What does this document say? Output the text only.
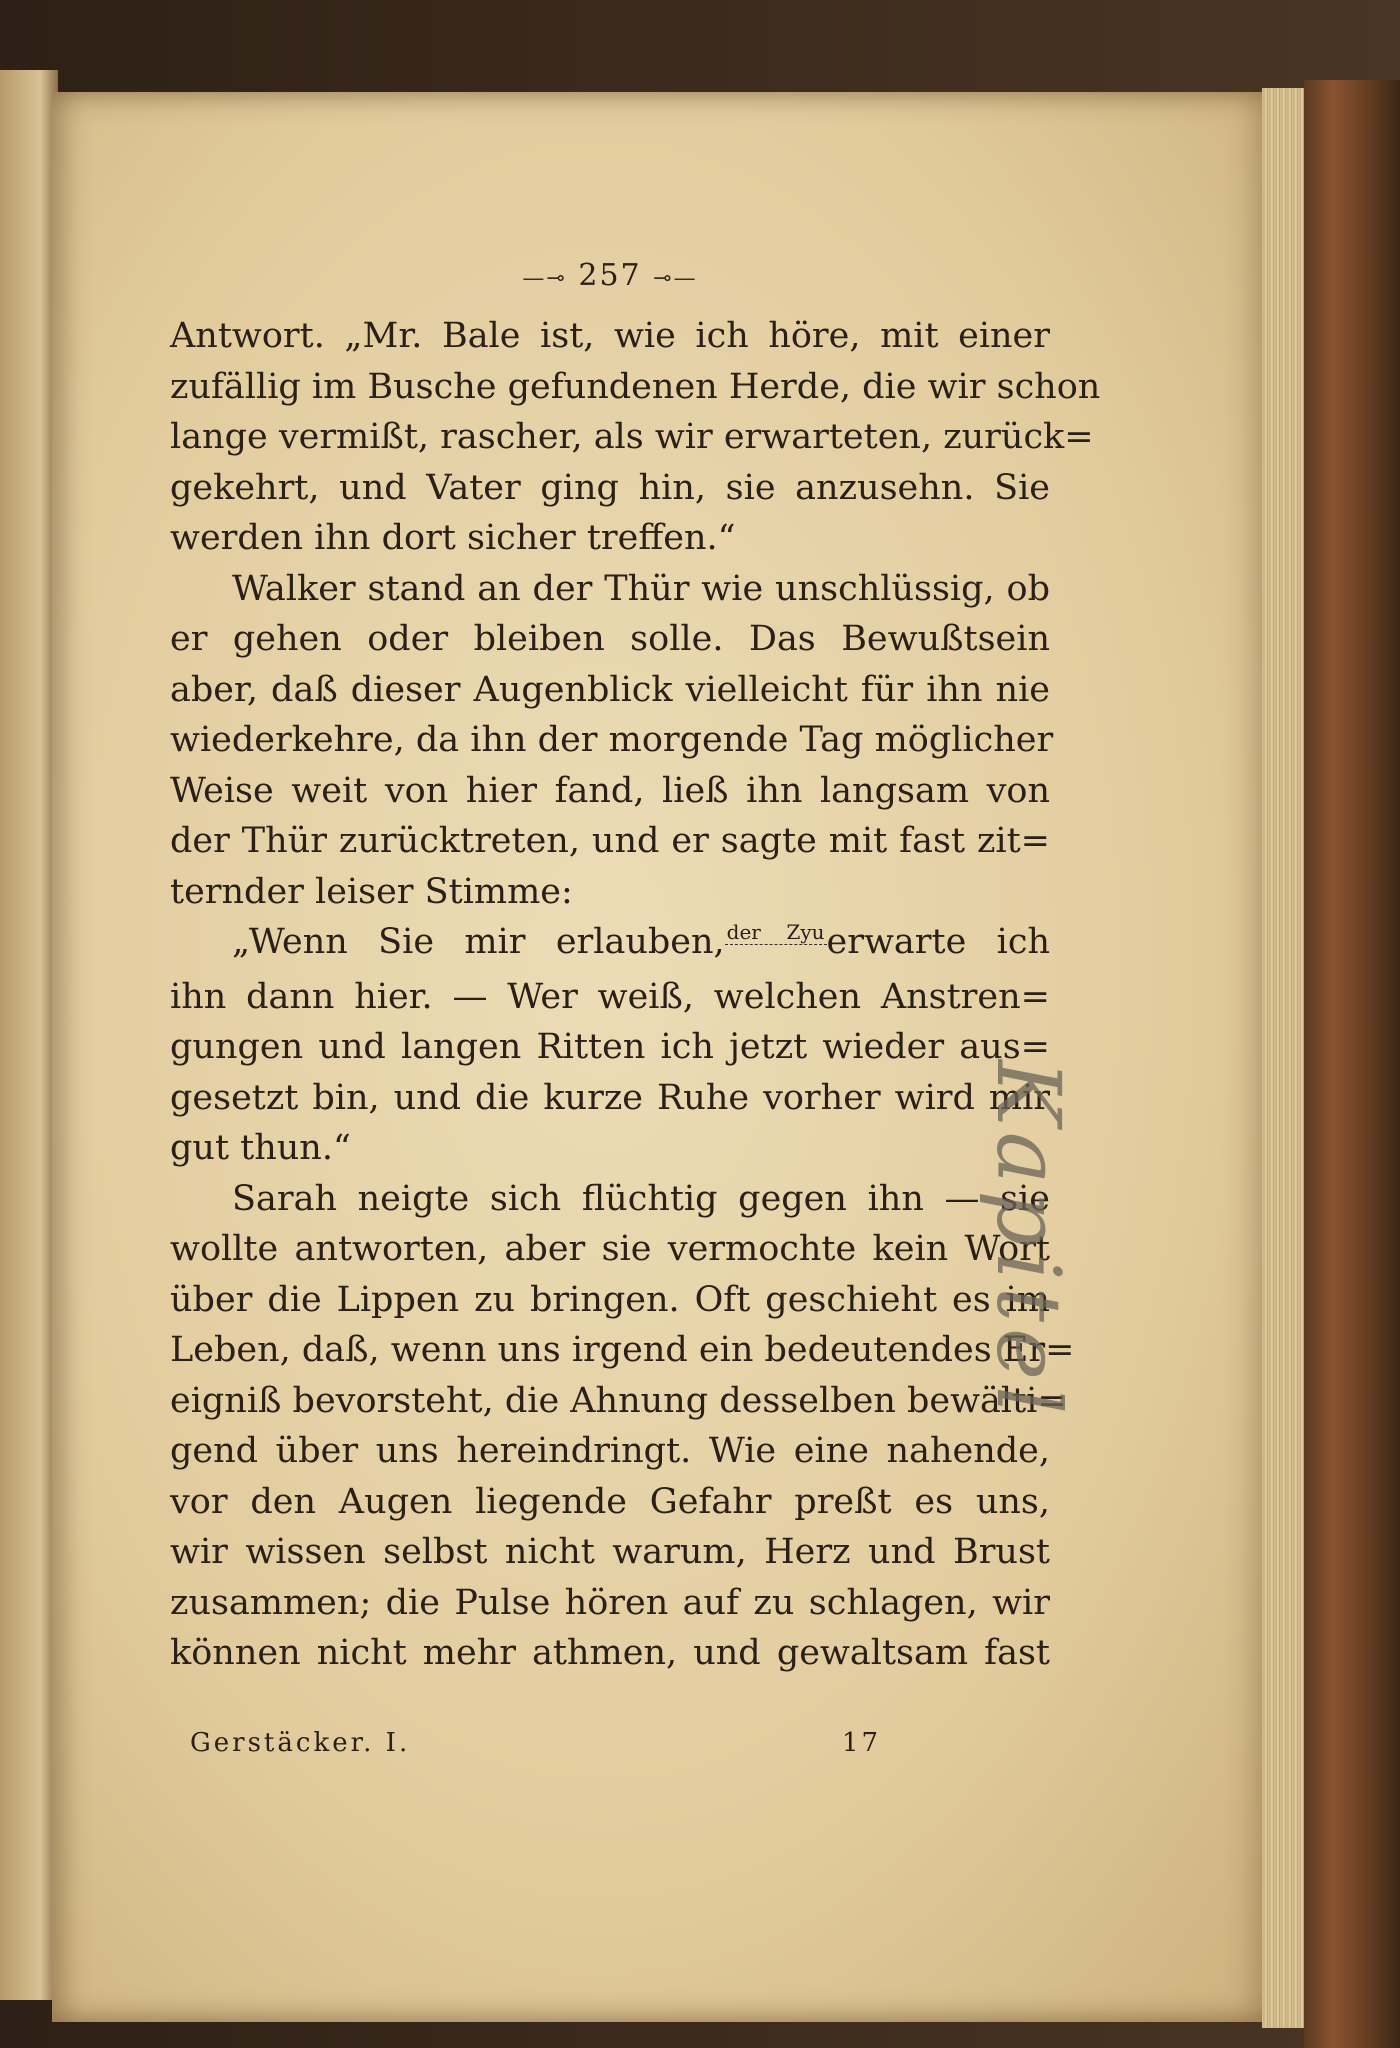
—⊸ 257 ⊸—
Antwort. „Mr. Bale ist, wie ich höre, mit einer
zufällig im Busche gefundenen Herde, die wir schon
lange vermißt, rascher, als wir erwarteten, zurück=
gekehrt, und Vater ging hin, sie anzusehn. Sie
werden ihn dort sicher treffen.“
Walker stand an der Thür wie unschlüssig, ob
er gehen oder bleiben solle. Das Bewußtsein
aber, daß dieser Augenblick vielleicht für ihn nie
wiederkehre, da ihn der morgende Tag möglicher
Weise weit von hier fand, ließ ihn langsam von
der Thür zurücktreten, und er sagte mit fast zit=
ternder leiser Stimme:
„Wenn Sie mir erlauben, $^{der Zyu}$erwarte ich
ihn dann hier. — Wer weiß, welchen Anstren=
gungen und langen Ritten ich jetzt wieder aus=
gesetzt bin, und die kurze Ruhe vorher wird mir
gut thun.“
Sarah neigte sich flüchtig gegen ihn — sie
wollte antworten, aber sie vermochte kein Wort
über die Lippen zu bringen. Oft geschieht es im
Leben, daß, wenn uns irgend ein bedeutendes Er=
eigniß bevorsteht, die Ahnung desselben bewälti=
gend über uns hereindringt. Wie eine nahende,
vor den Augen liegende Gefahr preßt es uns,
wir wissen selbst nicht warum, Herz und Brust
zusammen; die Pulse hören auf zu schlagen, wir
können nicht mehr athmen, und gewaltsam fast
Gerstäcker. I.	17
Kapitel
